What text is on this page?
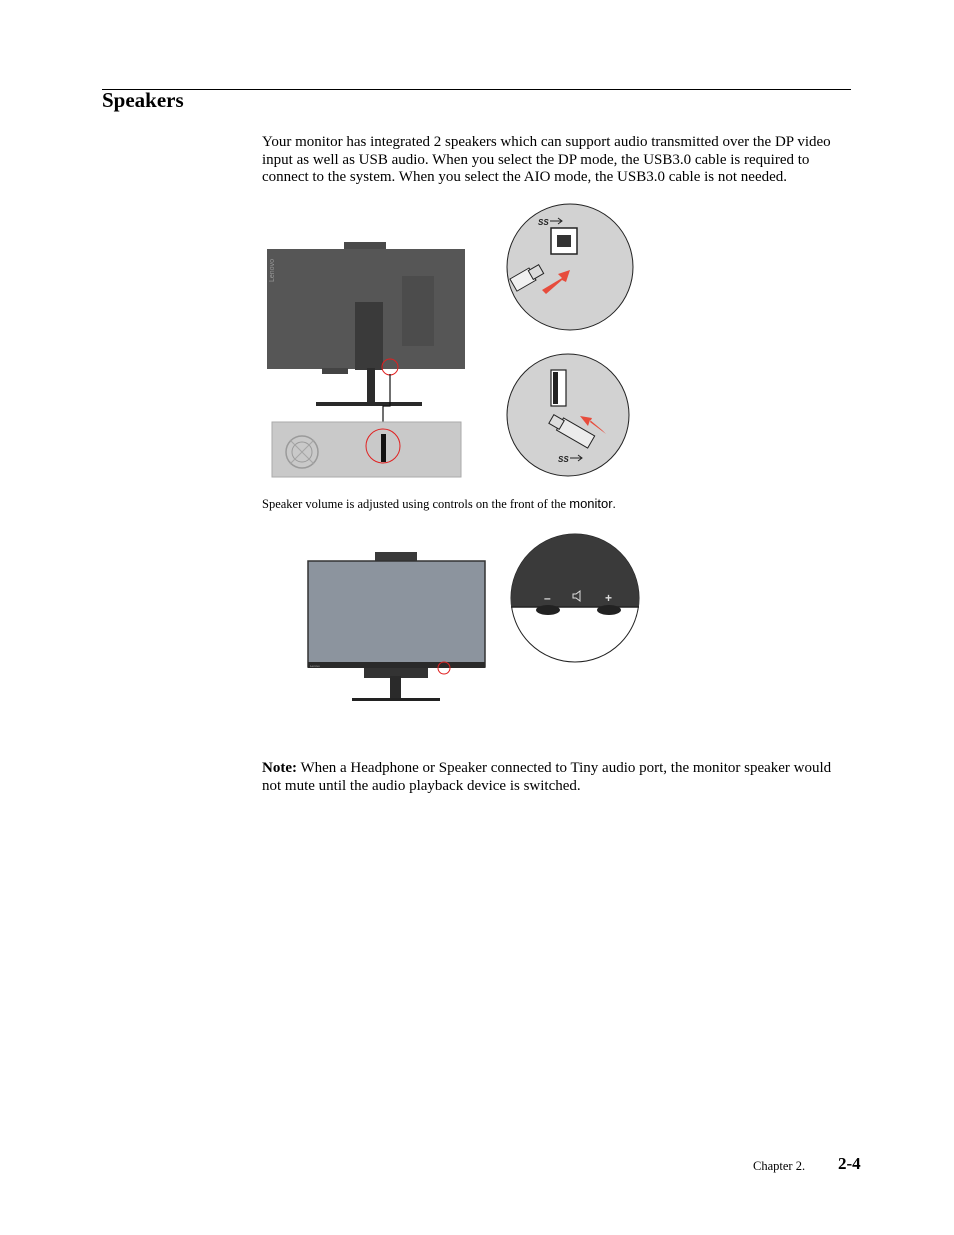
Speakers

Your monitor has integrated 2 speakers which can support audio transmitted over the DP video input as well as USB audio. When you select the DP mode, the USB3.0 cable is required to connect to the system. When you select the AIO mode, the USB3.0 cable is not needed.

Lenovo
SS
SS

Speaker volume is adjusted using controls on the front of the monitor.

Lenovo
–	+

Note: When a Headphone or Speaker connected to Tiny audio port, the monitor speaker would not mute until the audio playback device is switched.

Chapter 2. 2-4
